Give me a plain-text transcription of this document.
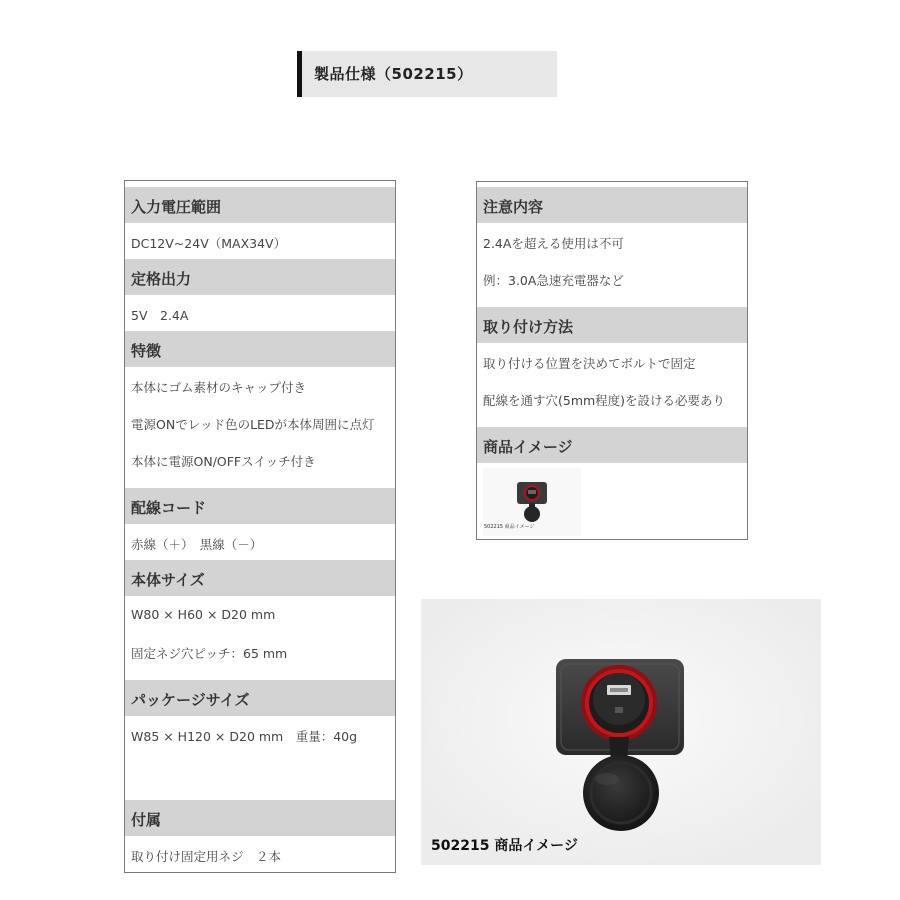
製品仕様（502215）
入力電圧範囲
DC12V~24V（MAX34V）
定格出力
5V　2.4A
特徴
本体にゴム素材のキャップ付き
電源ONでレッド色のLEDが本体周囲に点灯
本体に電源ON/OFFスイッチ付き
配線コード
赤線（＋）　黒線（－）
本体サイズ
W80 × H60 × D20 mm
固定ネジ穴ピッチ：65 mm
パッケージサイズ
W85 × H120 × D20 mm　重量：40g
付属
取り付け固定用ネジ　２本
注意内容
2.4Aを超える使用は不可
例：3.0A急速充電器など
取り付け方法
取り付ける位置を決めてボルトで固定
配線を通す穴(5mm程度)を設ける必要あり
商品イメージ
502215 商品イメージ
502215 商品イメージ
